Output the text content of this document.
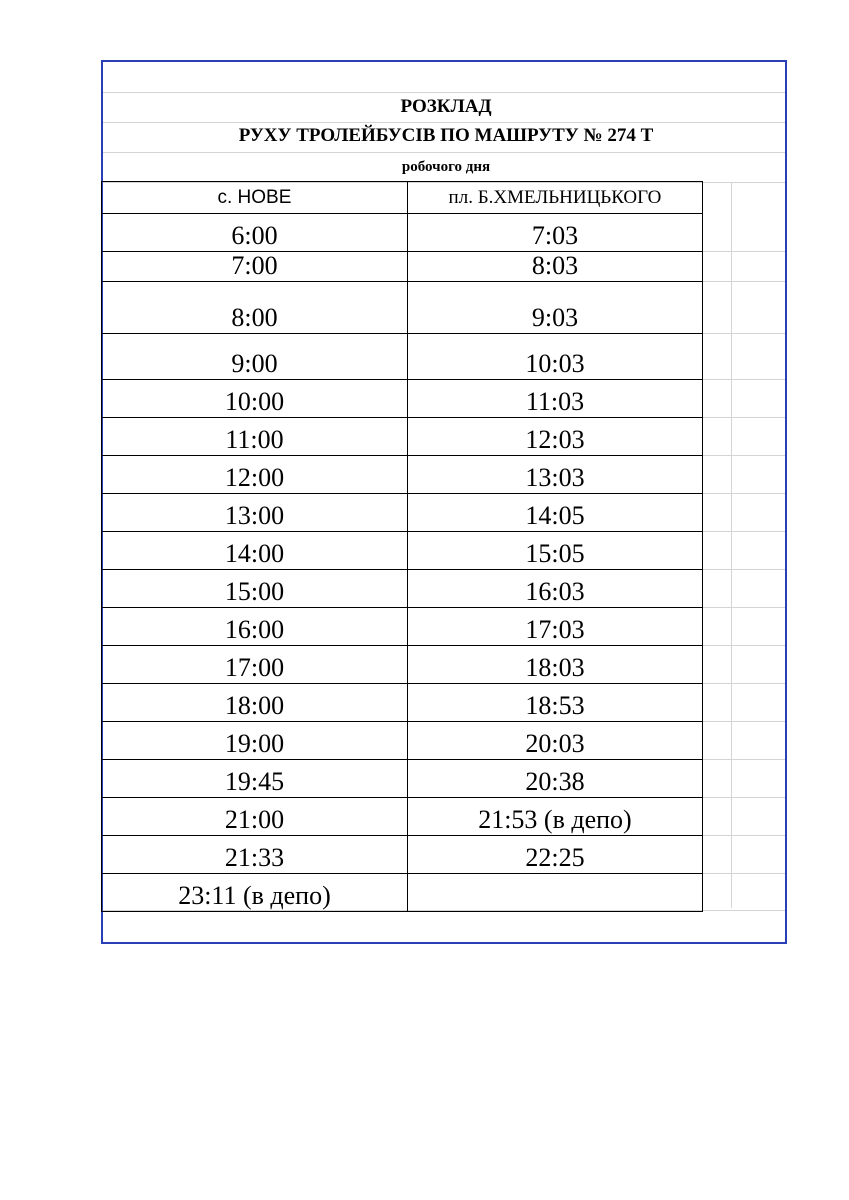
РОЗКЛАД
РУХУ ТРОЛЕЙБУСІВ ПО МАШРУТУ № 274 Т
робочого дня
с. НОВЕ	пл. Б.ХМЕЛЬНИЦЬКОГО
6:00	7:03
7:00	8:03
8:00	9:03
9:00	10:03
10:00	11:03
11:00	12:03
12:00	13:03
13:00	14:05
14:00	15:05
15:00	16:03
16:00	17:03
17:00	18:03
18:00	18:53
19:00	20:03
19:45	20:38
21:00	21:53 (в депо)
21:33	22:25
23:11 (в депо)	
